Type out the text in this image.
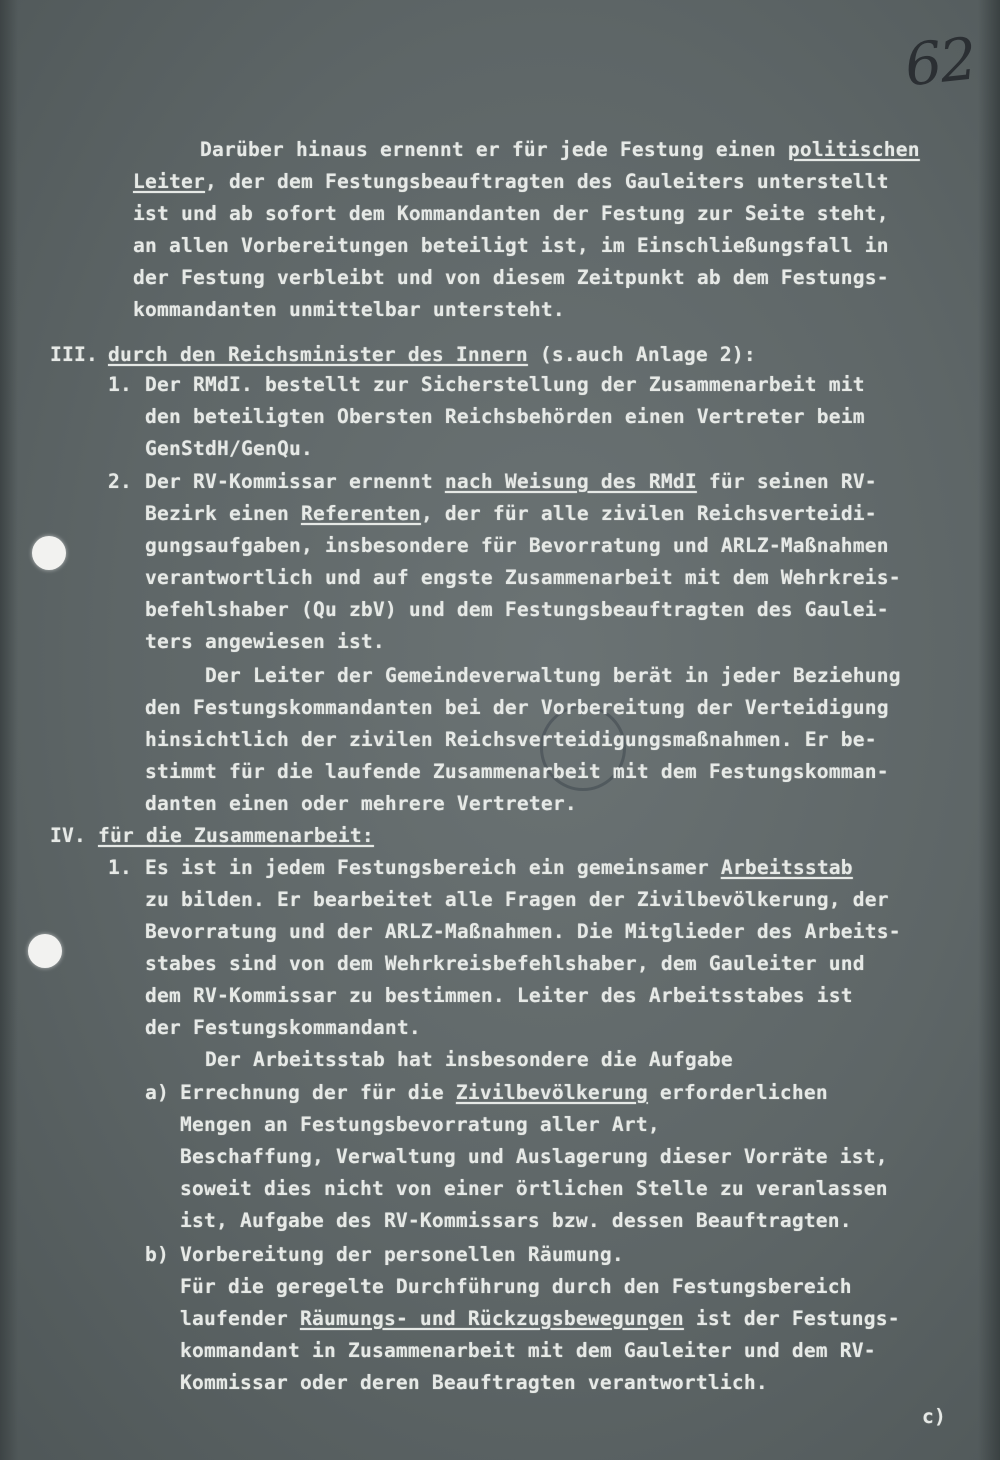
62
Darüber hinaus ernennt er für jede Festung einen politischen
Leiter, der dem Festungsbeauftragten des Gauleiters unterstellt
ist und ab sofort dem Kommandanten der Festung zur Seite steht,
an allen Vorbereitungen beteiligt ist, im Einschließungsfall in
der Festung verbleibt und von diesem Zeitpunkt ab dem Festungs-
kommandanten unmittelbar untersteht.
III. durch den Reichsminister des Innern (s.auch Anlage 2):
1. Der RMdI. bestellt zur Sicherstellung der Zusammenarbeit mit
den beteiligten Obersten Reichsbehörden einen Vertreter beim
GenStdH/GenQu.
2. Der RV-Kommissar ernennt nach Weisung des RMdI für seinen RV-
Bezirk einen Referenten, der für alle zivilen Reichsverteidi-
gungsaufgaben, insbesondere für Bevorratung und ARLZ-Maßnahmen
verantwortlich und auf engste Zusammenarbeit mit dem Wehrkreis-
befehlshaber (Qu zbV) und dem Festungsbeauftragten des Gaulei-
ters angewiesen ist.
Der Leiter der Gemeindeverwaltung berät in jeder Beziehung
den Festungskommandanten bei der Vorbereitung der Verteidigung
hinsichtlich der zivilen Reichsverteidigungsmaßnahmen. Er be-
stimmt für die laufende Zusammenarbeit mit dem Festungskomman-
danten einen oder mehrere Vertreter.
IV. für die Zusammenarbeit:
1. Es ist in jedem Festungsbereich ein gemeinsamer Arbeitsstab
zu bilden. Er bearbeitet alle Fragen der Zivilbevölkerung, der
Bevorratung und der ARLZ-Maßnahmen. Die Mitglieder des Arbeits-
stabes sind von dem Wehrkreisbefehlshaber, dem Gauleiter und
dem RV-Kommissar zu bestimmen. Leiter des Arbeitsstabes ist
der Festungskommandant.
Der Arbeitsstab hat insbesondere die Aufgabe
a) Errechnung der für die Zivilbevölkerung erforderlichen
Mengen an Festungsbevorratung aller Art,
Beschaffung, Verwaltung und Auslagerung dieser Vorräte ist,
soweit dies nicht von einer örtlichen Stelle zu veranlassen
ist, Aufgabe des RV-Kommissars bzw. dessen Beauftragten.
b) Vorbereitung der personellen Räumung.
Für die geregelte Durchführung durch den Festungsbereich
laufender Räumungs- und Rückzugsbewegungen ist der Festungs-
kommandant in Zusammenarbeit mit dem Gauleiter und dem RV-
Kommissar oder deren Beauftragten verantwortlich.
c)
